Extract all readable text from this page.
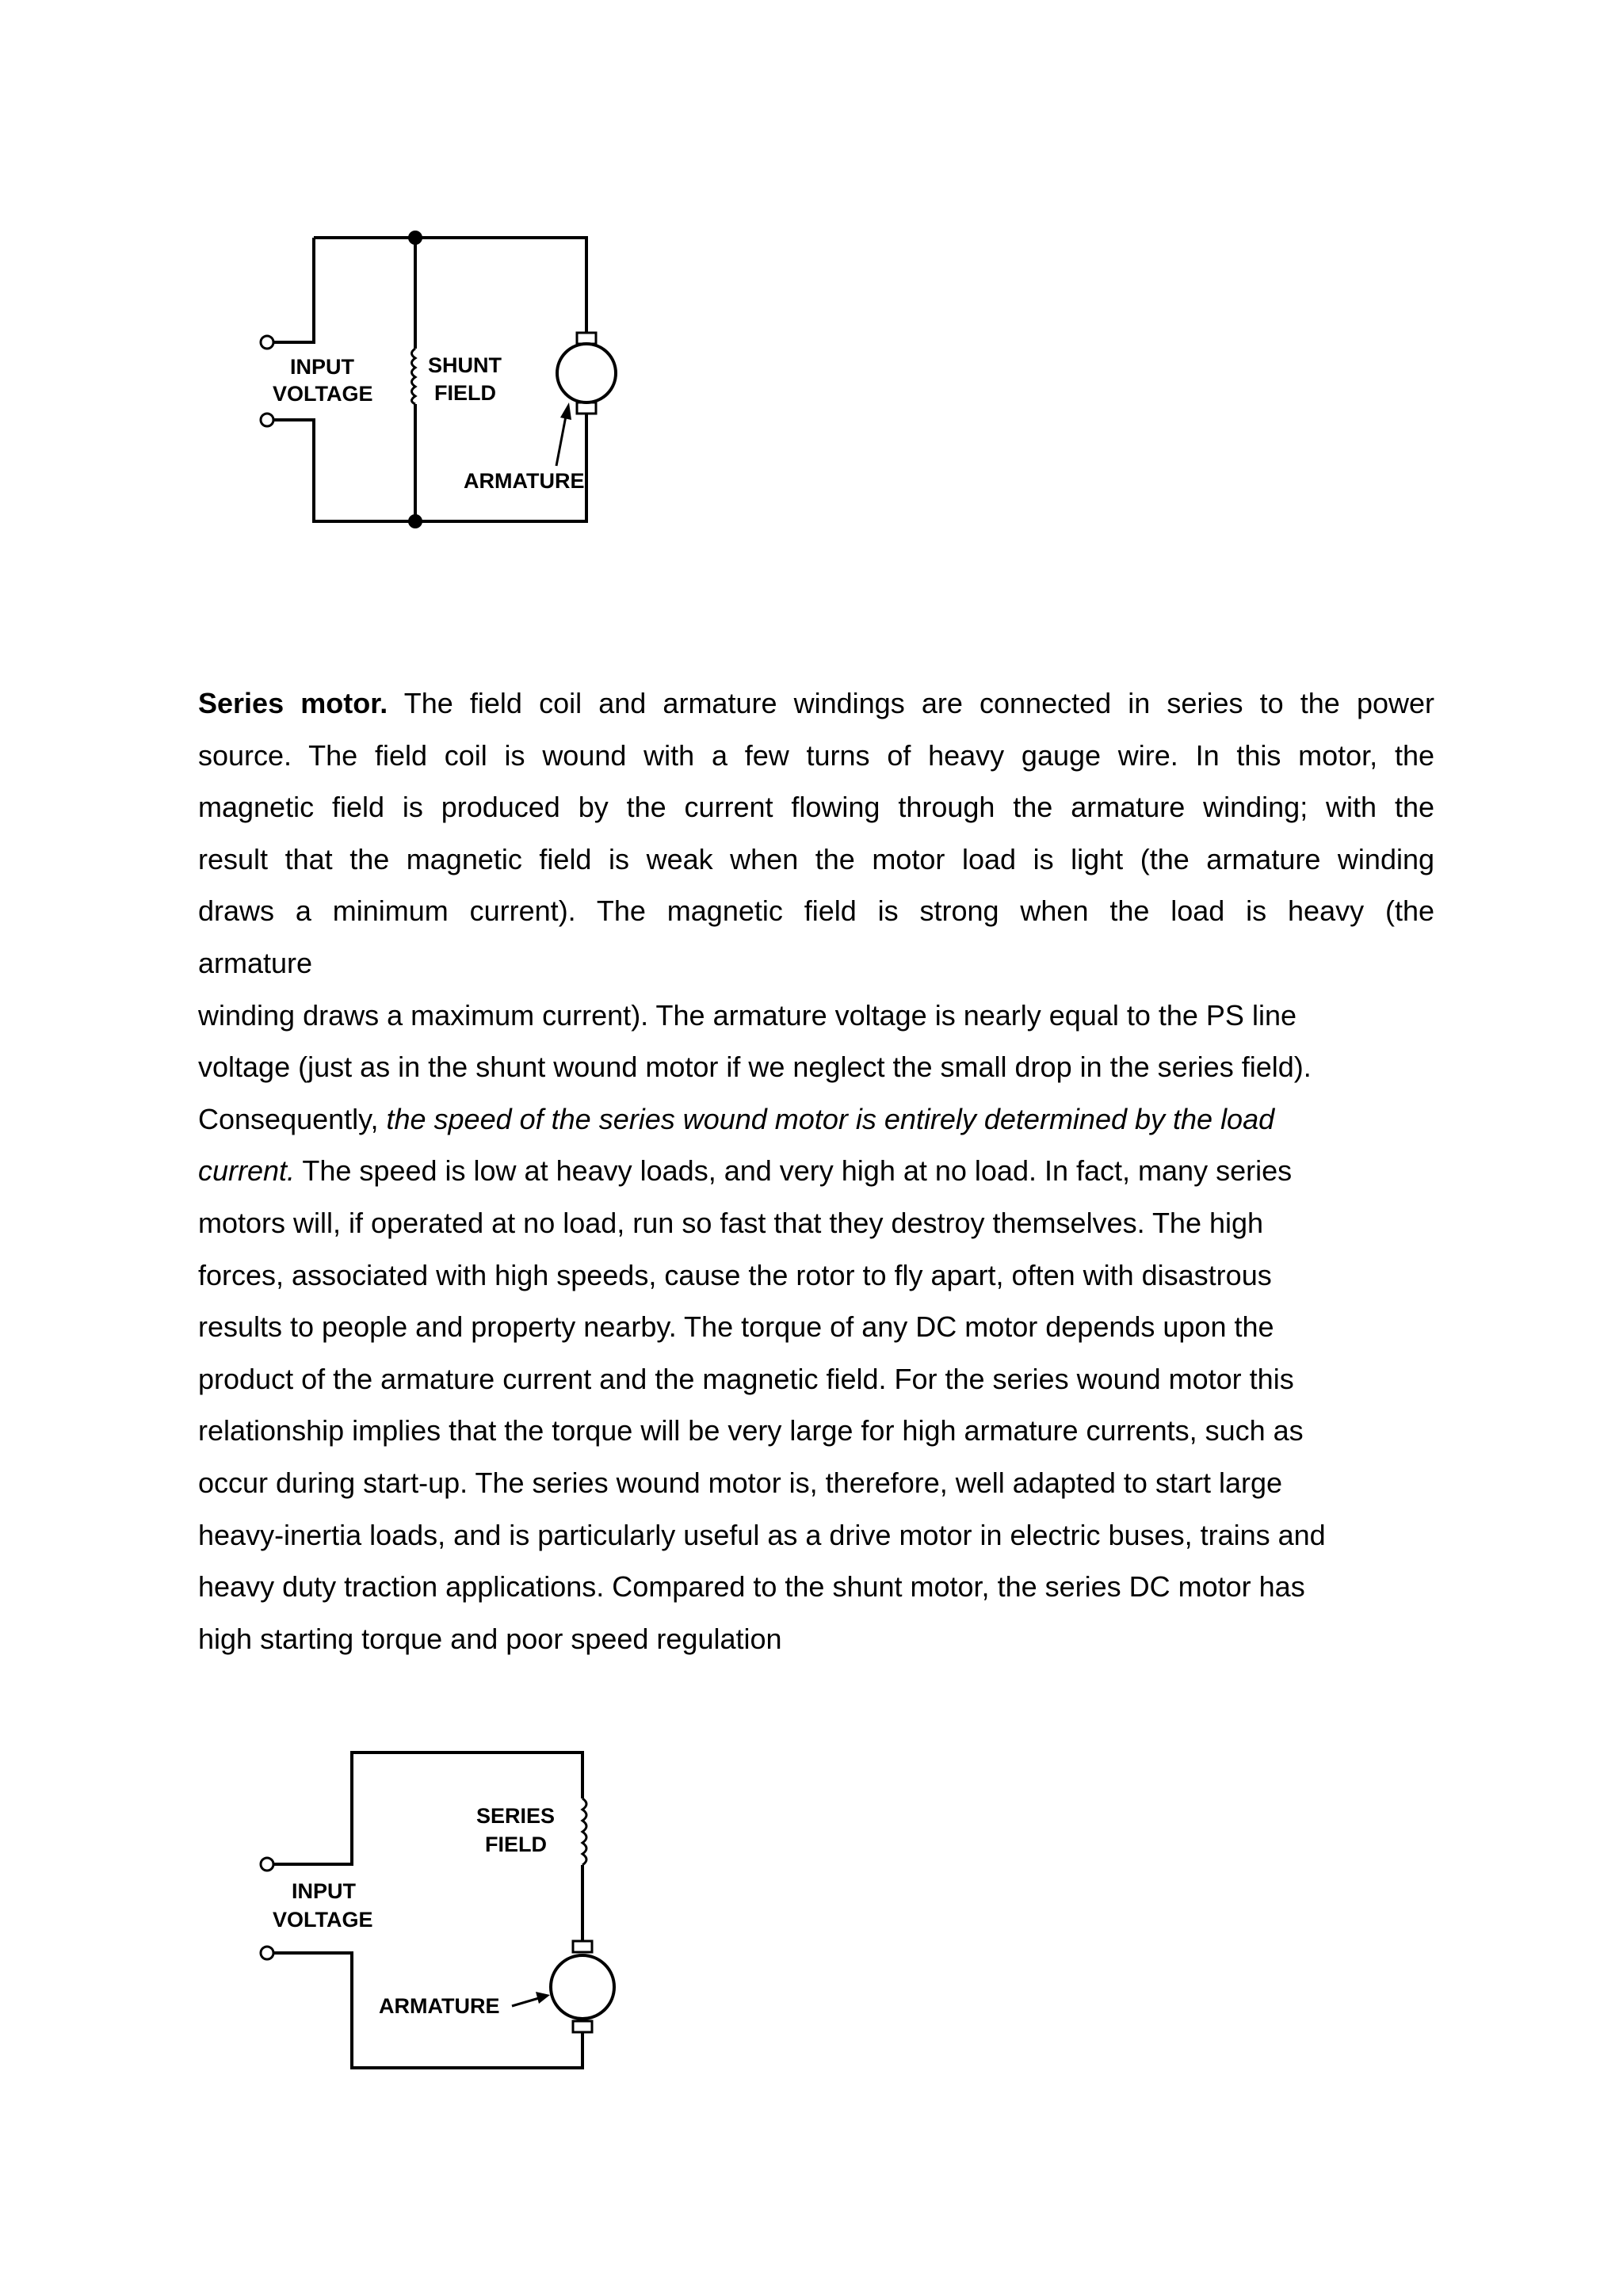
INPUT
VOLTAGE
SHUNT
FIELD
ARMATURE
Series motor. The field coil and armature windings are connected in series to the power
source. The field coil is wound with a few turns of heavy gauge wire. In this motor, the
magnetic field is produced by the current flowing through the armature winding; with the
result that the magnetic field is weak when the motor load is light (the armature winding
draws a minimum current). The magnetic field is strong when the load is heavy (the
armature
winding draws a maximum current). The armature voltage is nearly equal to the PS line
voltage (just as in the shunt wound motor if we neglect the small drop in the series field).
Consequently, the speed of the series wound motor is entirely determined by the load
current. The speed is low at heavy loads, and very high at no load. In fact, many series
motors will, if operated at no load, run so fast that they destroy themselves. The high
forces, associated with high speeds, cause the rotor to fly apart, often with disastrous
results to people and property nearby. The torque of any DC motor depends upon the
product of the armature current and the magnetic field. For the series wound motor this
relationship implies that the torque will be very large for high armature currents, such as
occur during start-up. The series wound motor is, therefore, well adapted to start large
heavy-inertia loads, and is particularly useful as a drive motor in electric buses, trains and
heavy duty traction applications. Compared to the shunt motor, the series DC motor has
high starting torque and poor speed regulation
SERIES
FIELD
INPUT
VOLTAGE
ARMATURE
